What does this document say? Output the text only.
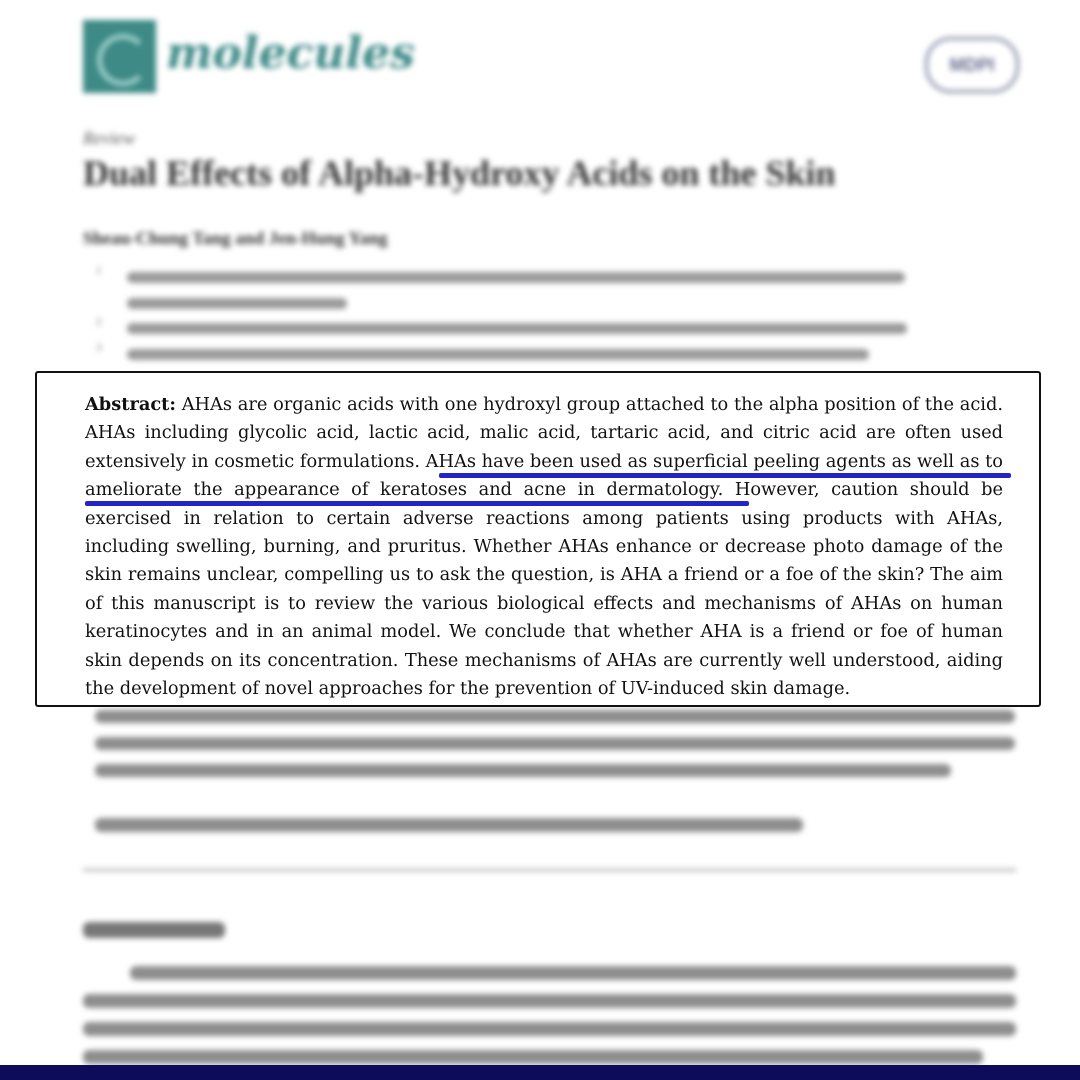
molecules	MDPI
Review
Dual Effects of Alpha-Hydroxy Acids on the Skin
Sheau-Chung Tang and Jen-Hung Yang
1
2
3

Abstract: AHAs are organic acids with one hydroxyl group attached to the alpha position of the acid. AHAs including glycolic acid, lactic acid, malic acid, tartaric acid, and citric acid are often used extensively in cosmetic formulations. AHAs have been used as superficial peeling agents as well as to ameliorate the appearance of keratoses and acne in dermatology. However, caution should be exercised in relation to certain adverse reactions among patients using products with AHAs, including swelling, burning, and pruritus. Whether AHAs enhance or decrease photo damage of the skin remains unclear, compelling us to ask the question, is AHA a friend or a foe of the skin? The aim of this manuscript is to review the various biological effects and mechanisms of AHAs on human keratinocytes and in an animal model. We conclude that whether AHA is a friend or foe of human skin depends on its concentration. These mechanisms of AHAs are currently well understood, aiding the development of novel approaches for the prevention of UV-induced skin damage.
